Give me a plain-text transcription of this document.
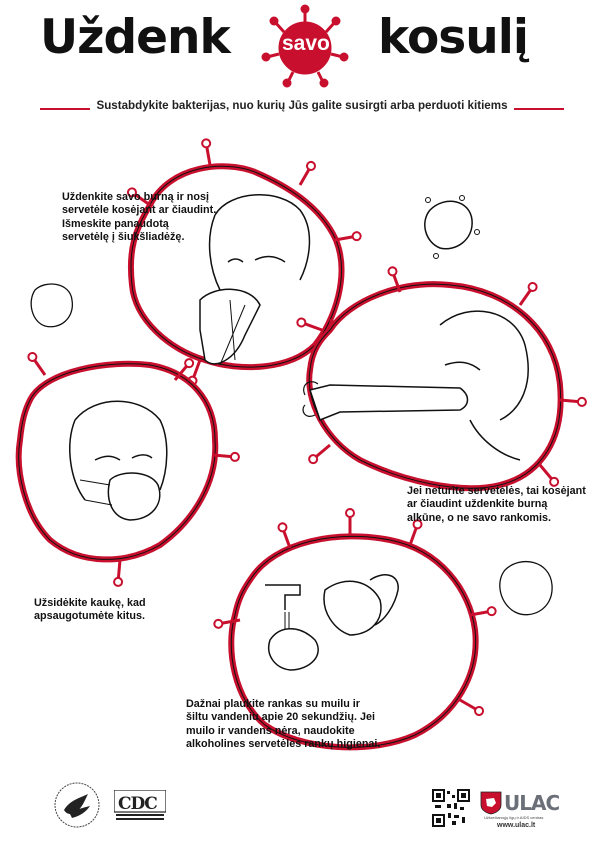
Uždenk savo kosulį
Sustabdykite bakterijas, nuo kurių Jūs galite susirgti arba perduoti kitiems
Uždenkite savo burną ir nosį
servetėle kosėjant ar čiaudint.
Išmeskite panaudotą
servetėlę į šiukšliadėžę.
Jei neturite servetėlės, tai kosėjant
ar čiaudint uždenkite burną
alkūne, o ne savo rankomis.
Užsidėkite kaukę, kad
apsaugotumėte kitus.
Dažnai plaukite rankas su muilu ir
šiltu vandeniu apie 20 sekundžių. Jei
muilo ir vandens nėra, naudokite
alkoholines servetėles rankų higienai.
CDC	ULAC
Užkrečiamųjų ligų ir AIDS centras
www.ulac.lt
